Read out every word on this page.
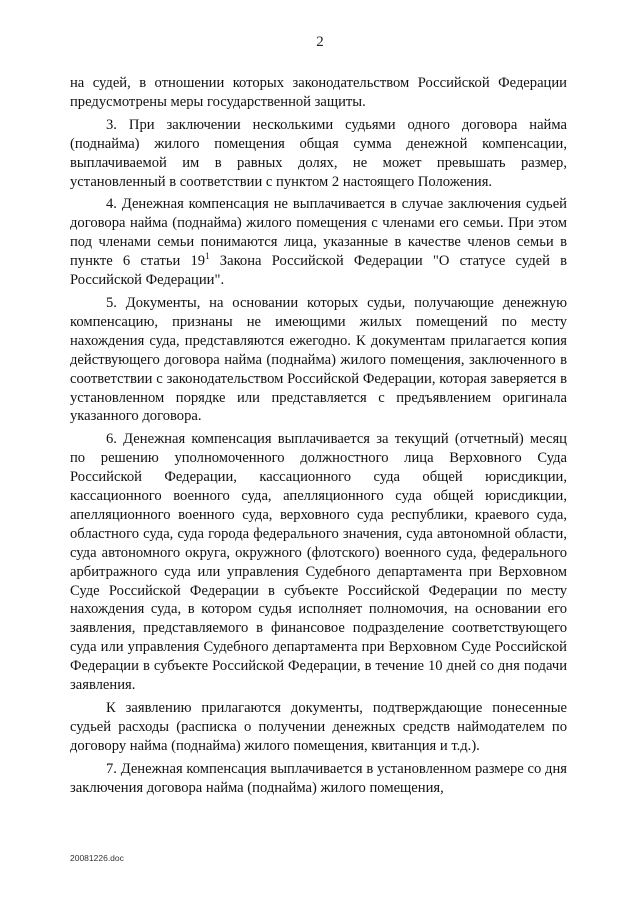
2

на судей, в отношении которых законодательством Российской Федерации предусмотрены меры государственной защиты.

3. При заключении несколькими судьями одного договора найма (поднайма) жилого помещения общая сумма денежной компенсации, выплачиваемой им в равных долях, не может превышать размер, установленный в соответствии с пунктом 2 настоящего Положения.

4. Денежная компенсация не выплачивается в случае заключения судьей договора найма (поднайма) жилого помещения с членами его семьи. При этом под членами семьи понимаются лица, указанные в качестве членов семьи в пункте 6 статьи $19^1$ Закона Российской Федерации "О статусе судей в Российской Федерации".

5. Документы, на основании которых судьи, получающие денежную компенсацию, признаны не имеющими жилых помещений по месту нахождения суда, представляются ежегодно. К документам прилагается копия действующего договора найма (поднайма) жилого помещения, заключенного в соответствии с законодательством Российской Федерации, которая заверяется в установленном порядке или представляется с предъявлением оригинала указанного договора.

6. Денежная компенсация выплачивается за текущий (отчетный) месяц по решению уполномоченного должностного лица Верховного Суда Российской Федерации, кассационного суда общей юрисдикции, кассационного военного суда, апелляционного суда общей юрисдикции, апелляционного военного суда, верховного суда республики, краевого суда, областного суда, суда города федерального значения, суда автономной области, суда автономного округа, окружного (флотского) военного суда, федерального арбитражного суда или управления Судебного департамента при Верховном Суде Российской Федерации в субъекте Российской Федерации по месту нахождения суда, в котором судья исполняет полномочия, на основании его заявления, представляемого в финансовое подразделение соответствующего суда или управления Судебного департамента при Верховном Суде Российской Федерации в субъекте Российской Федерации, в течение 10 дней со дня подачи заявления.

К заявлению прилагаются документы, подтверждающие понесенные судьей расходы (расписка о получении денежных средств наймодателем по договору найма (поднайма) жилого помещения, квитанция и т.д.).

7. Денежная компенсация выплачивается в установленном размере со дня заключения договора найма (поднайма) жилого помещения,

20081226.doc
